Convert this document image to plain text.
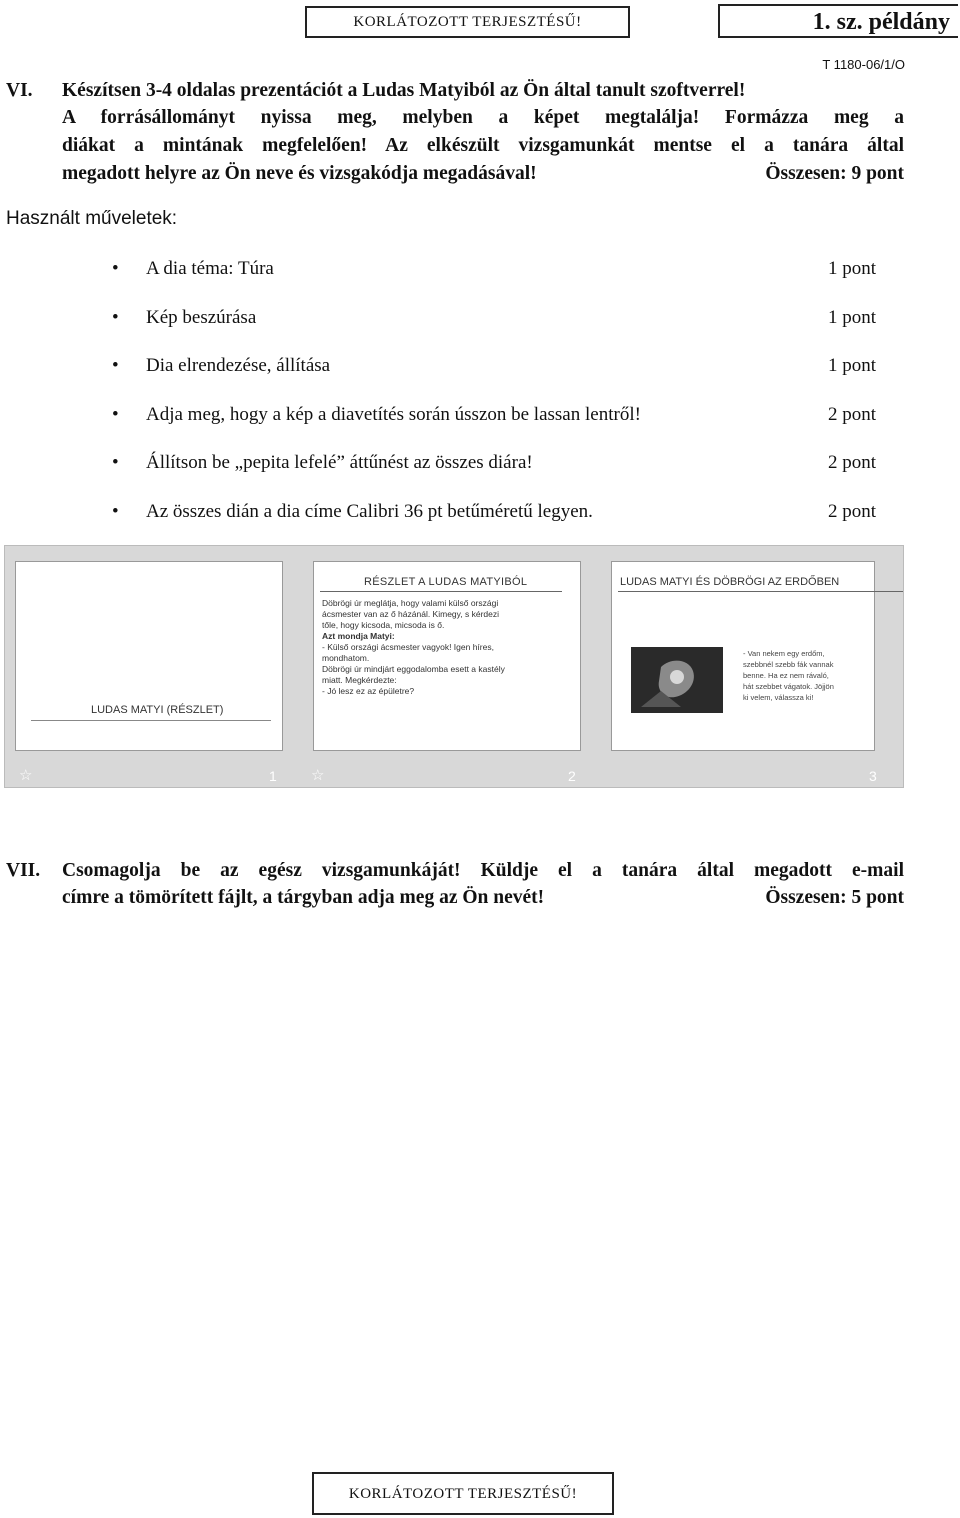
KORLÁTOZOTT TERJESZTÉSŰ!	1. sz. példány
T 1180-06/1/O
VI. Készítsen 3-4 oldalas prezentációt a Ludas Matyiból az Ön által tanult szoftverrel!
A forrásállományt nyissa meg, melyben a képet megtalálja! Formázza meg a
diákat a mintának megfelelően! Az elkészült vizsgamunkát mentse el a tanára által
megadott helyre az Ön neve és vizsgakódja megadásával!	Összesen: 9 pont
Használt műveletek:
• A dia téma: Túra	1 pont
• Kép beszúrása	1 pont
• Dia elrendezése, állítása	1 pont
• Adja meg, hogy a kép a diavetítés során ússzon be lassan lentről!	2 pont
• Állítson be „pepita lefelé” áttűnést az összes diára!	2 pont
• Az összes dián a dia címe Calibri 36 pt betűméretű legyen.	2 pont
LUDAS MATYI (RÉSZLET)
☆	1
RÉSZLET A LUDAS MATYIBÓL
Döbrögi úr meglátja, hogy valami külső országi
ácsmester van az ő házánál. Kimegy, s kérdezi
tőle, hogy kicsoda, micsoda is ő.
Azt mondja Matyi:
- Külső országi ácsmester vagyok! Igen híres,
mondhatom.
Döbrögi úr mindjárt eggodalomba esett a kastély
miatt. Megkérdezte:
- Jó lesz ez az épületre?
☆	2
LUDAS MATYI ÉS DÖBRÖGI AZ ERDŐBEN
- Van nekem egy erdőm,
szebbnél szebb fák vannak
benne. Ha ez nem rávaló,
hát szebbet vágatok. Jöjjön
ki velem, válassza ki!
3
VII. Csomagolja be az egész vizsgamunkáját! Küldje el a tanára által megadott e-mail
címre a tömörített fájlt, a tárgyban adja meg az Ön nevét!	Összesen: 5 pont
KORLÁTOZOTT TERJESZTÉSŰ!
